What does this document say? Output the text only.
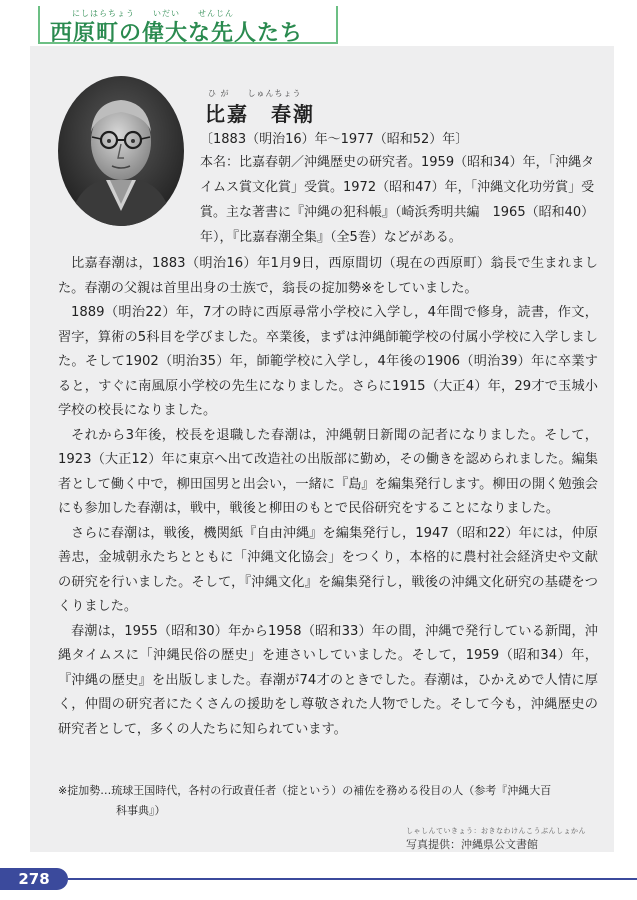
にしはらちょう　　いだい　　せんじん
西原町の偉大な先人たち
ひ が　　しゅんちょう
比嘉　春潮
〔1883（明治16）年〜1977（昭和52）年〕
本名：比嘉春朝／沖縄歴史の研究者。1959（昭和34）年，「沖縄タイムス賞文化賞」受賞。1972（昭和47）年，「沖縄文化功労賞」受賞。主な著書に『沖縄の犯科帳』（崎浜秀明共編　1965（昭和40）年），『比嘉春潮全集』（全5巻）などがある。

比嘉春潮は，1883（明治16）年1月9日，西原間切（現在の西原町）翁長で生まれました。春潮の父親は首里出身の士族で，翁長の掟加勢※をしていました。

1889（明治22）年，7才の時に西原尋常小学校に入学し，4年間で修身，読書，作文，習字，算術の5科目を学びました。卒業後，まずは沖縄師範学校の付属小学校に入学しました。そして1902（明治35）年，師範学校に入学し，4年後の1906（明治39）年に卒業すると，すぐに南風原小学校の先生になりました。さらに1915（大正4）年，29才で玉城小学校の校長になりました。

それから3年後，校長を退職した春潮は，沖縄朝日新聞の記者になりました。そして，1923（大正12）年に東京へ出て改造社の出版部に勤め，その働きを認められました。編集者として働く中で，柳田国男と出会い，一緒に『島』を編集発行します。柳田の開く勉強会にも参加した春潮は，戦中，戦後と柳田のもとで民俗研究をすることになりました。

さらに春潮は，戦後，機関紙『自由沖縄』を編集発行し，1947（昭和22）年には，仲原善忠，金城朝永たちとともに「沖縄文化協会」をつくり，本格的に農村社会経済史や文献の研究を行いました。そして，『沖縄文化』を編集発行し，戦後の沖縄文化研究の基礎をつくりました。

春潮は，1955（昭和30）年から1958（昭和33）年の間，沖縄で発行している新聞，沖縄タイムスに「沖縄民俗の歴史」を連さいしていました。そして，1959（昭和34）年，『沖縄の歴史』を出版しました。春潮が74才のときでした。春潮は，ひかえめで人情に厚く，仲間の研究者にたくさんの援助をし尊敬された人物でした。そして今も，沖縄歴史の研究者として，多くの人たちに知られています。

※掟加勢…琉球王国時代，各村の行政責任者（掟という）の補佐を務める役目の人（参考『沖縄大百
科事典』）
しゃしんていきょう：おきなわけんこうぶんしょかん
写真提供：沖縄県公文書館
278
